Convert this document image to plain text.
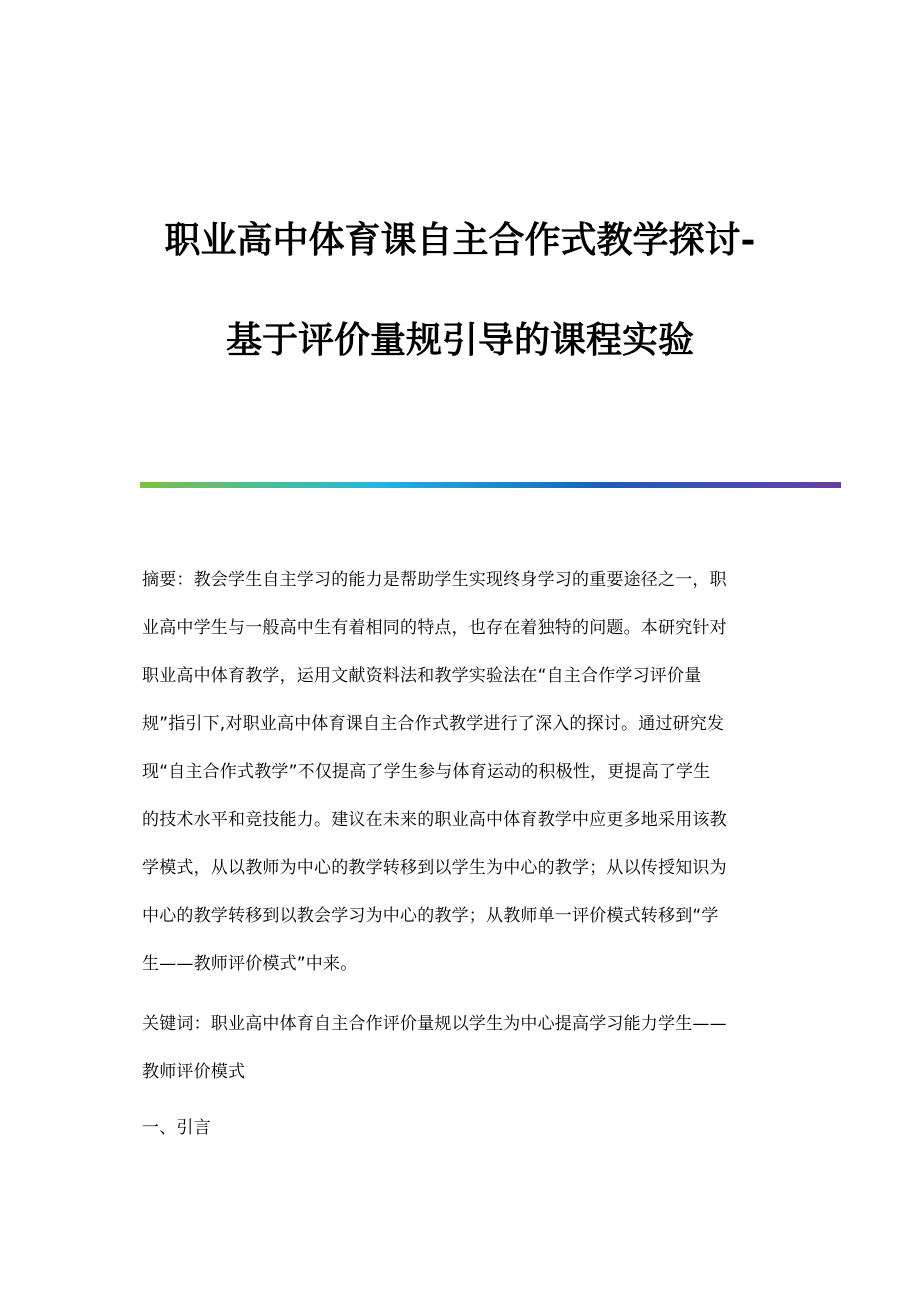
职业高中体育课自主合作式教学探讨-
基于评价量规引导的课程实验
摘要：教会学生自主学习的能力是帮助学生实现终身学习的重要途径之一，职
业高中学生与一般高中生有着相同的特点，也存在着独特的问题。本研究针对
职业高中体育教学，运用文献资料法和教学实验法在“自主合作学习评价量
规”指引下,对职业高中体育课自主合作式教学进行了深入的探讨。通过研究发
现“自主合作式教学”不仅提高了学生参与体育运动的积极性，更提高了学生
的技术水平和竞技能力。建议在未来的职业高中体育教学中应更多地采用该教
学模式，从以教师为中心的教学转移到以学生为中心的教学；从以传授知识为
中心的教学转移到以教会学习为中心的教学；从教师单一评价模式转移到“学
生——教师评价模式”中来。
关键词：职业高中体育自主合作评价量规以学生为中心提高学习能力学生——
教师评价模式
一、引言
